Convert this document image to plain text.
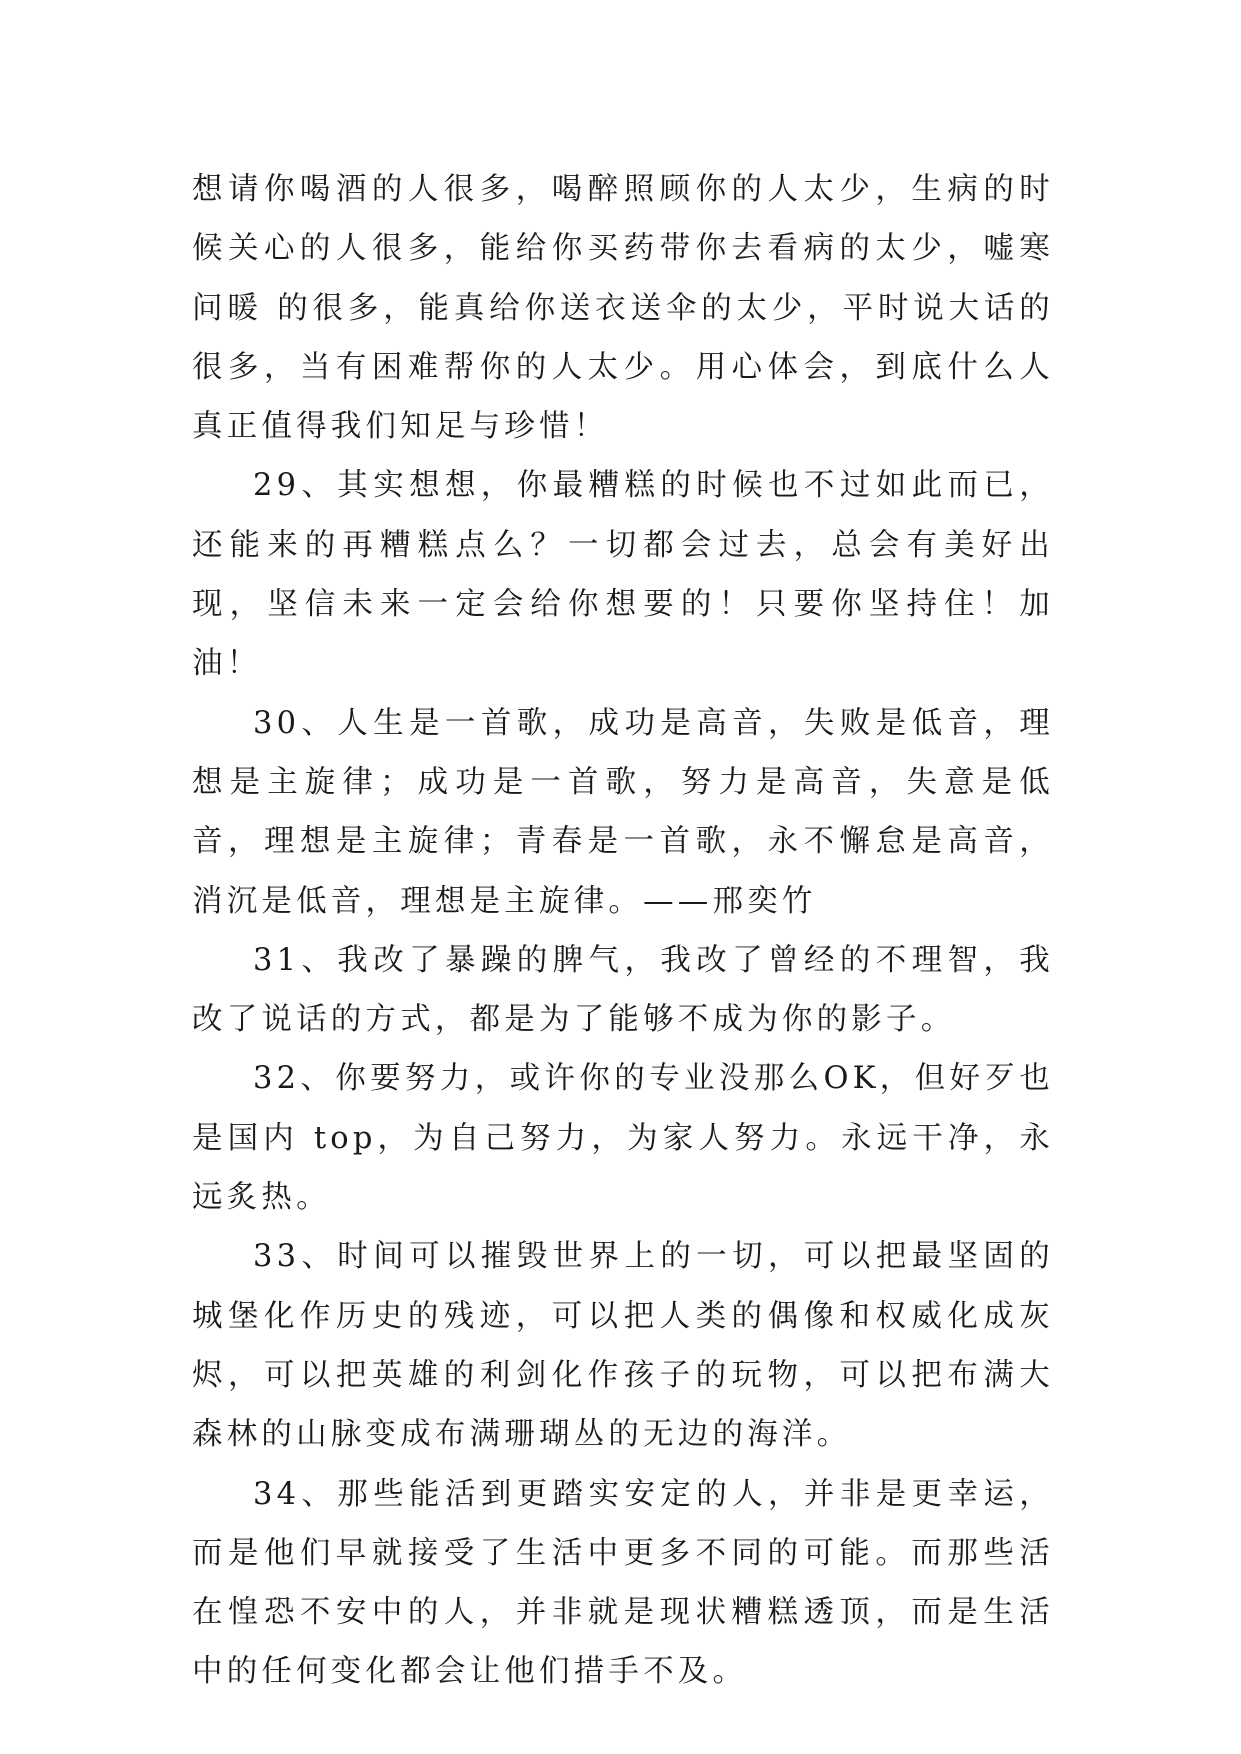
想请你喝酒的人很多，喝醉照顾你的人太少，生病的时候关心的人很多，能给你买药带你去看病的太少，嘘寒问暖 的很多，能真给你送衣送伞的太少，平时说大话的很多，当有困难帮你的人太少。用心体会，到底什么人真正值得我们知足与珍惜！

29、其实想想，你最糟糕的时候也不过如此而已，还能来的再糟糕点么？一切都会过去，总会有美好出现，坚信未来一定会给你想要的！只要你坚持住！加油！

30、人生是一首歌，成功是高音，失败是低音，理想是主旋律；成功是一首歌，努力是高音，失意是低音，理想是主旋律；青春是一首歌，永不懈怠是高音，消沉是低音，理想是主旋律。——邢奕竹

31、我改了暴躁的脾气，我改了曾经的不理智，我改了说话的方式，都是为了能够不成为你的影子。

32、你要努力，或许你的专业没那么OK，但好歹也是国内 top，为自己努力，为家人努力。永远干净，永远炙热。

33、时间可以摧毁世界上的一切，可以把最坚固的城堡化作历史的残迹，可以把人类的偶像和权威化成灰烬，可以把英雄的利剑化作孩子的玩物，可以把布满大森林的山脉变成布满珊瑚丛的无边的海洋。

34、那些能活到更踏实安定的人，并非是更幸运，而是他们早就接受了生活中更多不同的可能。而那些活在惶恐不安中的人，并非就是现状糟糕透顶，而是生活中的任何变化都会让他们措手不及。
